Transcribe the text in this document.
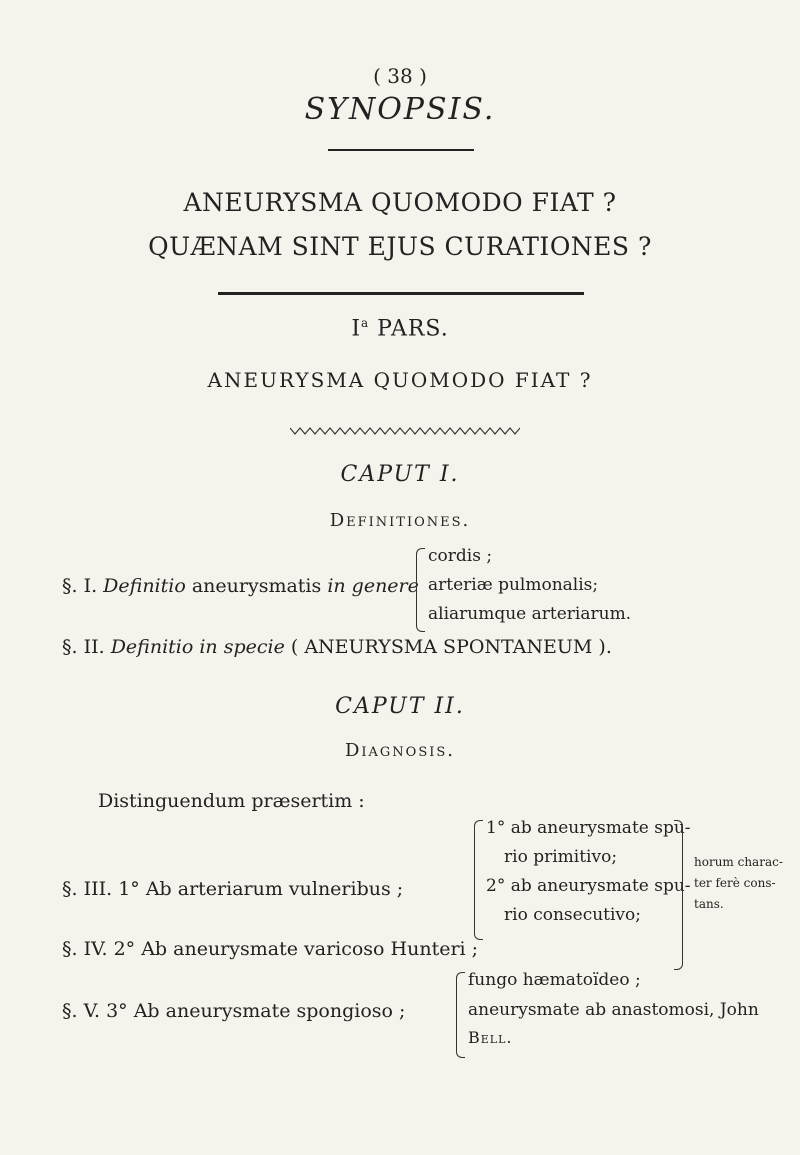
( 38 )
SYNOPSIS.
ANEURYSMA QUOMODO FIAT ?
QUÆNAM SINT EJUS CURATIONES ?
$I^a$ PARS.
ANEURYSMA QUOMODO FIAT ?
CAPUT I.
Definitiones.
§. I. Definitio aneurysmatis in genere
cordis ;
arteriæ pulmonalis;
aliarumque arteriarum.
§. II. Definitio in specie ( ANEURYSMA SPONTANEUM ).
CAPUT II.
Diagnosis.
Distinguendum præsertim :
§. III. 1° Ab arteriarum vulneribus ;
1° ab aneurysmate spu-
rio primitivo;
2° ab aneurysmate spu-
rio consecutivo;
horum charac-
ter ferè cons-
tans.
§. IV. 2° Ab aneurysmate varicoso Hunteri ;
§. V. 3° Ab aneurysmate spongioso ;
fungo hæmatoïdeo ;
aneurysmate ab anastomosi, John
Bell.
